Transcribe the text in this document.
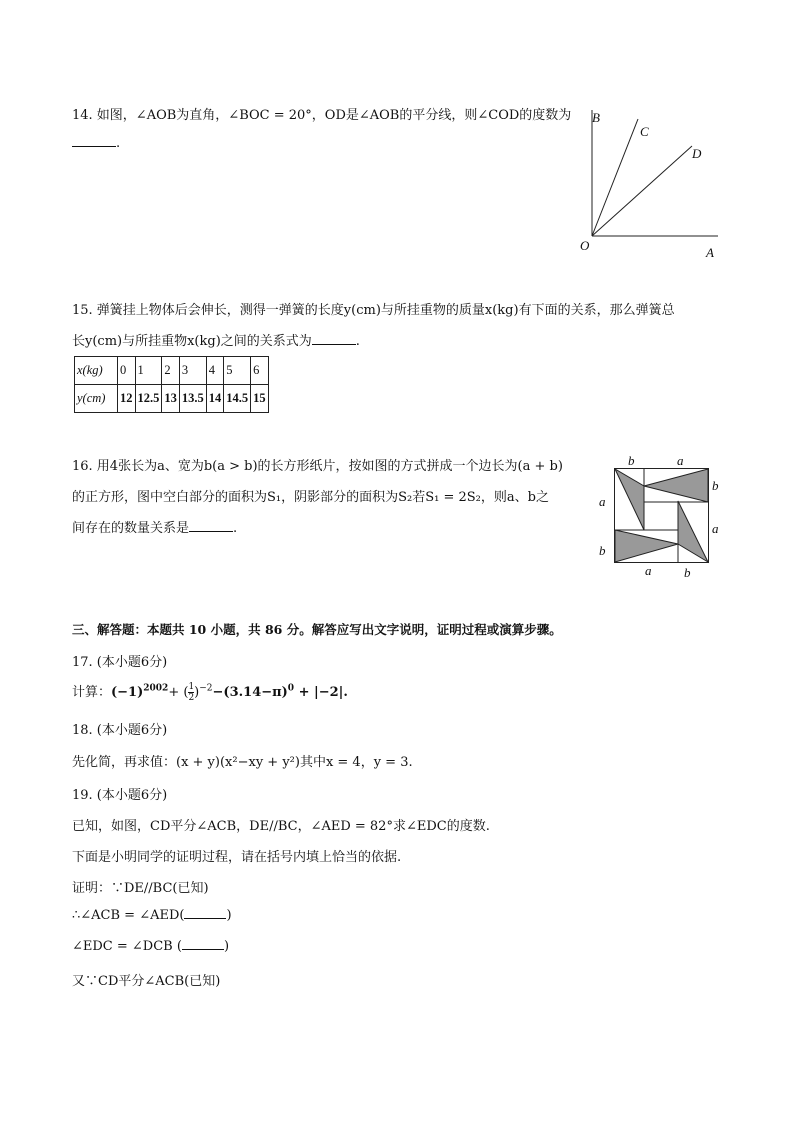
14. 如图，∠AOB为直角，∠BOC = 20°，OD是∠AOB的平分线，则∠COD的度数为
.
B
C
D
O	A
15. 弹簧挂上物体后会伸长，测得一弹簧的长度y(cm)与所挂重物的质量x(kg)有下面的关系，那么弹簧总
长y(cm)与所挂重物x(kg)之间的关系式为	.
x(kg)	0	1	2	3	4	5	6
y(cm)	12	12.5	13	13.5	14	14.5	15
16. 用4张长为a、宽为b(a > b)的长方形纸片，按如图的方式拼成一个边长为(a + b)
的正方形，图中空白部分的面积为S₁，阴影部分的面积为S₂若S₁ = 2S₂，则a、b之
间存在的数量关系是	.
b	a
b
a
a
b
a	b
三、解答题：本题共 10 小题，共 86 分。解答应写出文字说明，证明过程或演算步骤。
17. (本小题6分)
计算：$(-1)^{2002}+$ ( $\frac{1}{2} )^{-2}-(3.14-\pi)^0 + |-2|$.
18. (本小题6分)
先化简，再求值：(x + y)(x²−xy + y²)其中x = 4，y = 3.
19. (本小题6分)
已知，如图，CD平分∠ACB，DE//BC，∠AED = 82°求∠EDC的度数.
下面是小明同学的证明过程，请在括号内填上恰当的依据.
证明：∵DE//BC(已知)
∴∠ACB = ∠AED(	)
∠EDC = ∠DCB (	)
又∵CD平分∠ACB(已知)
